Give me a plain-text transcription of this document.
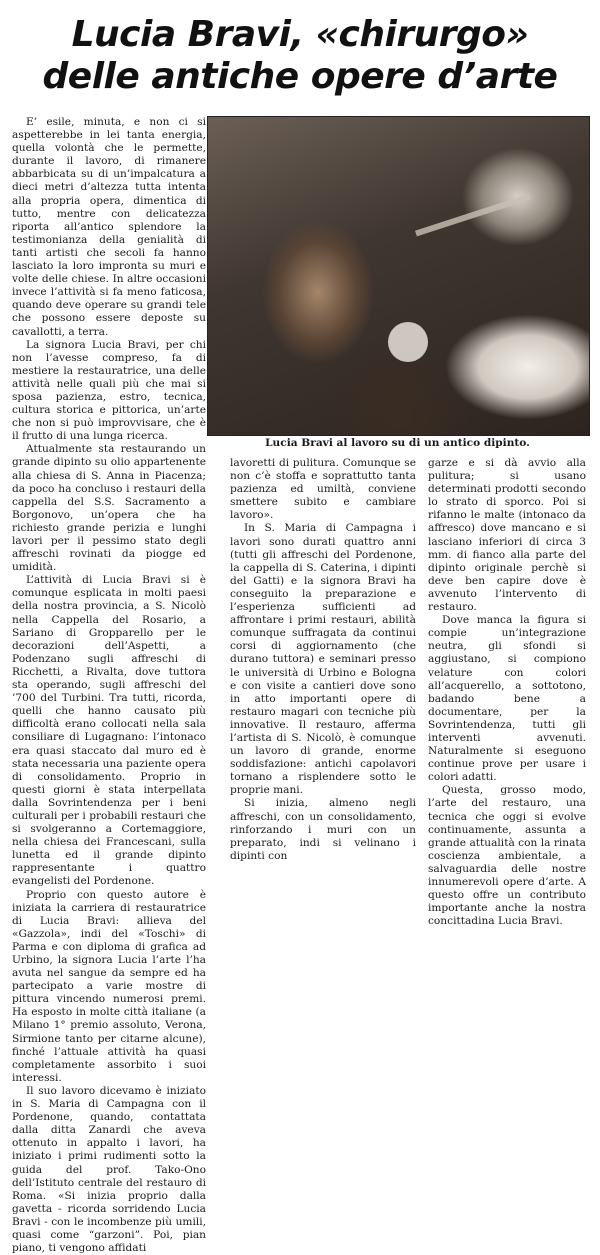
Lucia Bravi, «chirurgo»
delle antiche opere d’arte

E’ esile, minuta, e non ci si aspetterebbe in lei tanta energia, quella volontà che le permette, durante il lavoro, di rimanere abbarbicata su di un’impalcatura a dieci metri d’altezza tutta intenta alla propria opera, dimentica di tutto, mentre con delicatezza riporta all’antico splendore la testimonianza della genialità di tanti artisti che secoli fa hanno lasciato la loro impronta su muri e volte delle chiese. In altre occasioni invece l’attività si fa meno faticosa, quando deve operare su grandi tele che possono essere deposte su cavallotti, a terra.

La signora Lucia Bravi, per chi non l’avesse compreso, fa di mestiere la restauratrice, una delle attività nelle quali più che mai si sposa pazienza, estro, tecnica, cultura storica e pittorica, un’arte che non si può improvvisare, che è il frutto di una lunga ricerca.

Attualmente sta restaurando un grande dipinto su olio appartenente alla chiesa di S. Anna in Piacenza; da poco ha concluso i restauri della cappella del S.S. Sacramento a Borgonovo, un’opera che ha richiesto grande perizia e lunghi lavori per il pessimo stato degli affreschi rovinati da piogge ed umidità.

L’attività di Lucia Bravi si è comunque esplicata in molti paesi della nostra provincia, a S. Nicolò nella Cappella del Rosario, a Sariano di Gropparello per le decorazioni dell’Aspetti, a Podenzano sugli affreschi di Ricchetti, a Rivalta, dove tuttora sta operando, sugli affreschi del ’700 del Turbini. Tra tutti, ricorda, quelli che hanno causato più difficoltà erano collocati nella sala consiliare di Lugagnano: l’intonaco era quasi staccato dal muro ed è stata necessaria una paziente opera di consolidamento. Proprio in questi giorni è stata interpellata dalla Sovrintendenza per i beni culturali per i probabili restauri che si svolgeranno a Cortemaggiore, nella chiesa dei Francescani, sulla lunetta ed il grande dipinto rappresentante i quattro evangelisti del Pordenone.

Proprio con questo autore è iniziata la carriera di restauratrice di Lucia Bravi: allieva del «Gazzola», indi del «Toschi» di Parma e con diploma di grafica ad Urbino, la signora Lucia l’arte l’ha avuta nel sangue da sempre ed ha partecipato a varie mostre di pittura vincendo numerosi premi. Ha esposto in molte città italiane (a Milano 1° premio assoluto, Verona, Sirmione tanto per citarne alcune), finché l’attuale attività ha quasi completamente assorbito i suoi interessi.

Il suo lavoro dicevamo è iniziato in S. Maria di Campagna con il Pordenone, quando, contattata dalla ditta Zanardi che aveva ottenuto in appalto i lavori, ha iniziato i primi rudimenti sotto la guida del prof. Tako-Ono dell’Istituto centrale del restauro di Roma. «Si inizia proprio dalla gavetta - ricorda sorridendo Lucia Bravi - con le incombenze più umili, quasi come “garzoni”. Poi, pian piano, ti vengono affidati

Lucia Bravi al lavoro su di un antico dipinto.

lavoretti di pulitura. Comunque se non c’è stoffa e soprattutto tanta pazienza ed umiltà, conviene smettere subito e cambiare lavoro».

In S. Maria di Campagna i lavori sono durati quattro anni (tutti gli affreschi del Pordenone, la cappella di S. Caterina, i dipinti del Gatti) e la signora Bravi ha conseguito la preparazione e l’esperienza sufficienti ad affrontare i primi restauri, abilità comunque suffragata da continui corsi di aggiornamento (che durano tuttora) e seminari presso le università di Urbino e Bologna e con visite a cantieri dove sono in atto importanti opere di restauro magari con tecniche più innovative. Il restauro, afferma l’artista di S. Nicolò, è comunque un lavoro di grande, enorme soddisfazione: antichi capolavori tornano a risplendere sotto le proprie mani.

Si inizia, almeno negli affreschi, con un consolidamento, rinforzando i muri con un preparato, indi si velinano i dipinti con

garze e si dà avvio alla pulitura; si usano determinati prodotti secondo lo strato di sporco. Poi si rifanno le malte (intonaco da affresco) dove mancano e si lasciano inferiori di circa 3 mm. di fianco alla parte del dipinto originale perchè si deve ben capire dove è avvenuto l’intervento di restauro.

Dove manca la figura si compie un’integrazione neutra, gli sfondi si aggiustano, si compiono velature con colori all’acquerello, a sottotono, badando bene a documentare, per la Sovrintendenza, tutti gli interventi avvenuti. Naturalmente si eseguono continue prove per usare i colori adatti.

Questa, grosso modo, l’arte del restauro, una tecnica che oggi si evolve continuamente, assunta a grande attualità con la rinata coscienza ambientale, a salvaguardia delle nostre innumerevoli opere d’arte. A questo offre un contributo importante anche la nostra concittadina Lucia Bravi.
